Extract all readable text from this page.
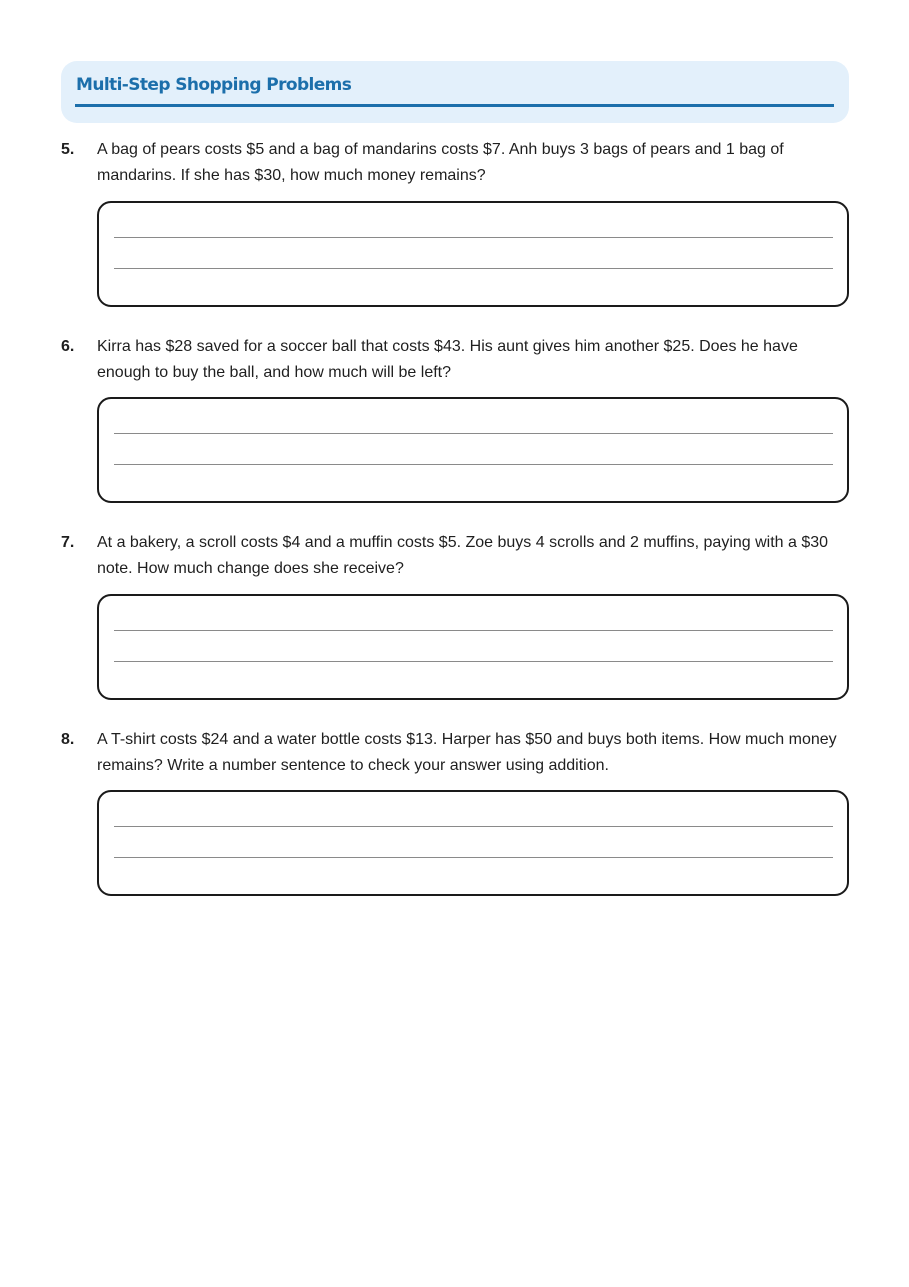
Multi-Step Shopping Problems
5. A bag of pears costs $5 and a bag of mandarins costs $7. Anh buys 3 bags of pears and 1 bag of mandarins. If she has $30, how much money remains?
6. Kirra has $28 saved for a soccer ball that costs $43. His aunt gives him another $25. Does he have enough to buy the ball, and how much will be left?
7. At a bakery, a scroll costs $4 and a muffin costs $5. Zoe buys 4 scrolls and 2 muffins, paying with a $30 note. How much change does she receive?
8. A T-shirt costs $24 and a water bottle costs $13. Harper has $50 and buys both items. How much money remains? Write a number sentence to check your answer using addition.
